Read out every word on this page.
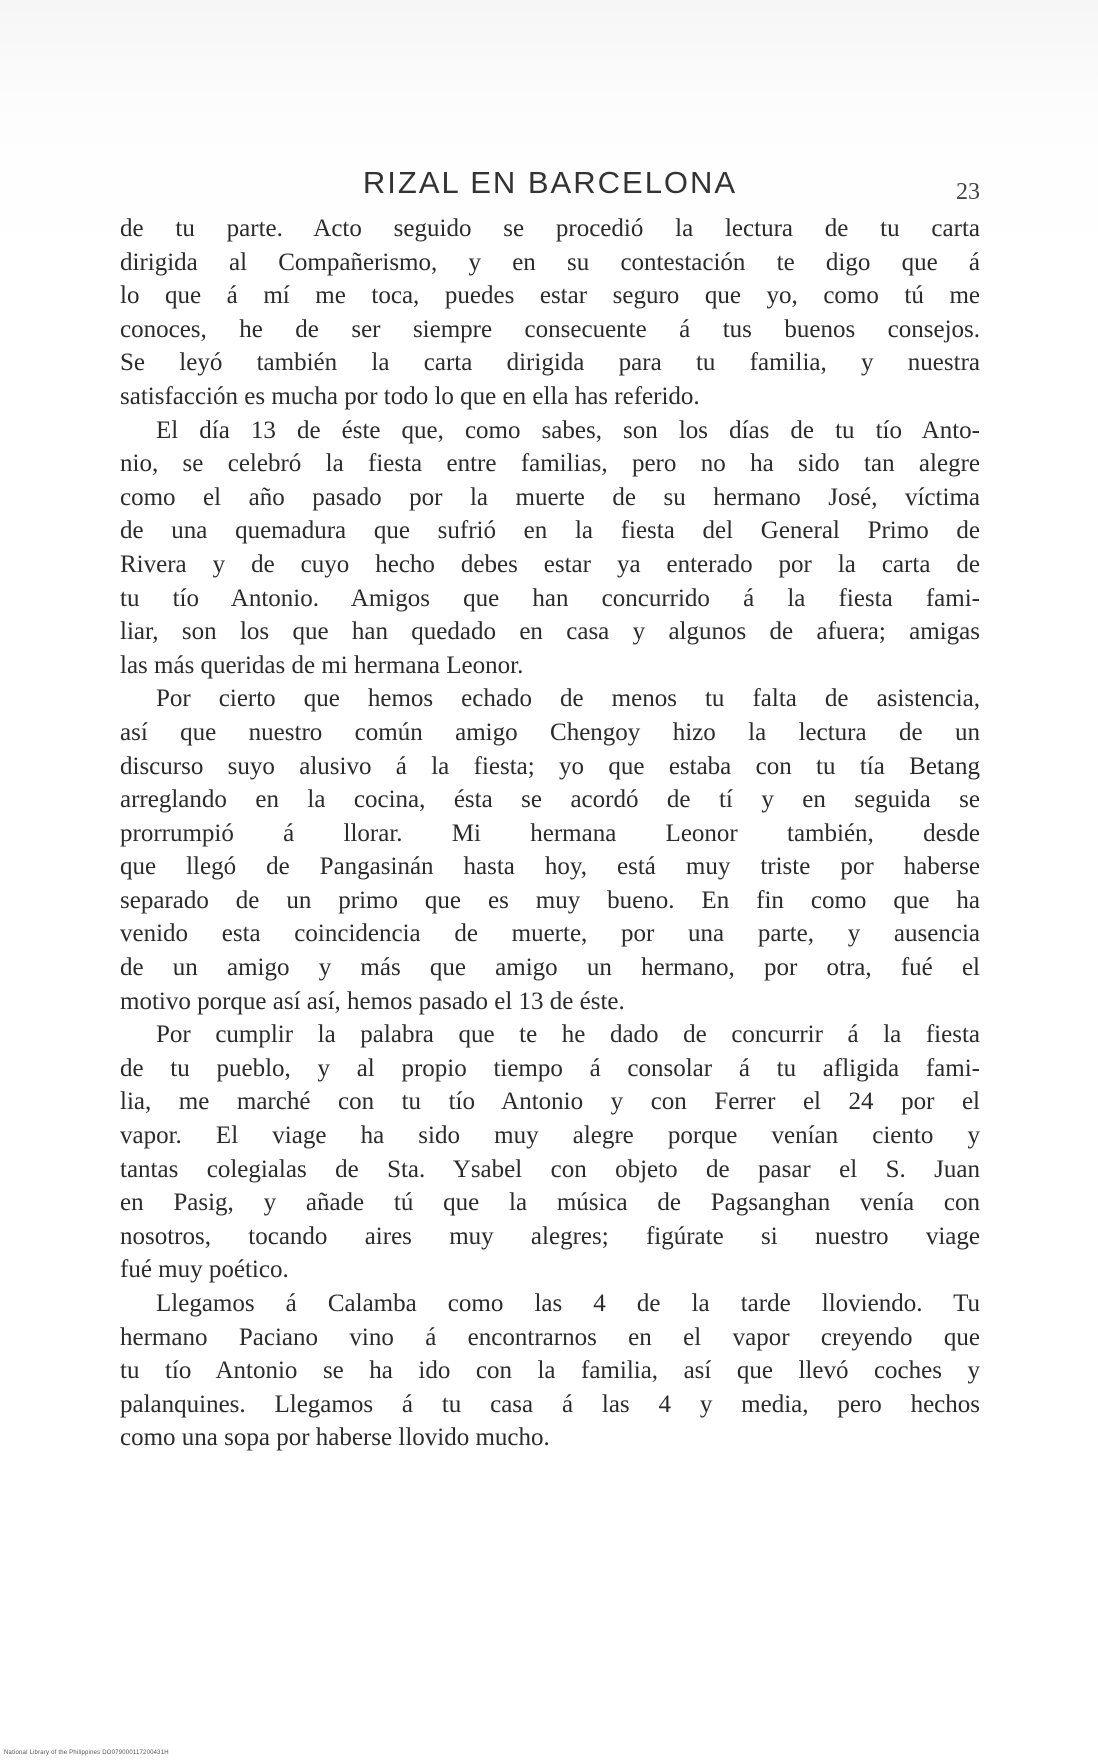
RIZAL EN BARCELONA	23
de tu parte. Acto seguido se procedió la lectura de tu carta
dirigida al Compañerismo, y en su contestación te digo que á
lo que á mí me toca, puedes estar seguro que yo, como tú me
conoces, he de ser siempre consecuente á tus buenos consejos.
Se leyó también la carta dirigida para tu familia, y nuestra
satisfacción es mucha por todo lo que en ella has referido.
El día 13 de éste que, como sabes, son los días de tu tío Anto-
nio, se celebró la fiesta entre familias, pero no ha sido tan alegre
como el año pasado por la muerte de su hermano José, víctima
de una quemadura que sufrió en la fiesta del General Primo de
Rivera y de cuyo hecho debes estar ya enterado por la carta de
tu tío Antonio. Amigos que han concurrido á la fiesta fami-
liar, son los que han quedado en casa y algunos de afuera; amigas
las más queridas de mi hermana Leonor.
Por cierto que hemos echado de menos tu falta de asistencia,
así que nuestro común amigo Chengoy hizo la lectura de un
discurso suyo alusivo á la fiesta; yo que estaba con tu tía Betang
arreglando en la cocina, ésta se acordó de tí y en seguida se
prorrumpió á llorar. Mi hermana Leonor también, desde
que llegó de Pangasinán hasta hoy, está muy triste por haberse
separado de un primo que es muy bueno. En fin como que ha
venido esta coincidencia de muerte, por una parte, y ausencia
de un amigo y más que amigo un hermano, por otra, fué el
motivo porque así así, hemos pasado el 13 de éste.
Por cumplir la palabra que te he dado de concurrir á la fiesta
de tu pueblo, y al propio tiempo á consolar á tu afligida fami-
lia, me marché con tu tío Antonio y con Ferrer el 24 por el
vapor. El viage ha sido muy alegre porque venían ciento y
tantas colegialas de Sta. Ysabel con objeto de pasar el S. Juan
en Pasig, y añade tú que la música de Pagsanghan venía con
nosotros, tocando aires muy alegres; figúrate si nuestro viage
fué muy poético.
Llegamos á Calamba como las 4 de la tarde lloviendo. Tu
hermano Paciano vino á encontrarnos en el vapor creyendo que
tu tío Antonio se ha ido con la familia, así que llevó coches y
palanquines. Llegamos á tu casa á las 4 y media, pero hechos
como una sopa por haberse llovido mucho.
National Library of the Philippines DO079000117200431H
